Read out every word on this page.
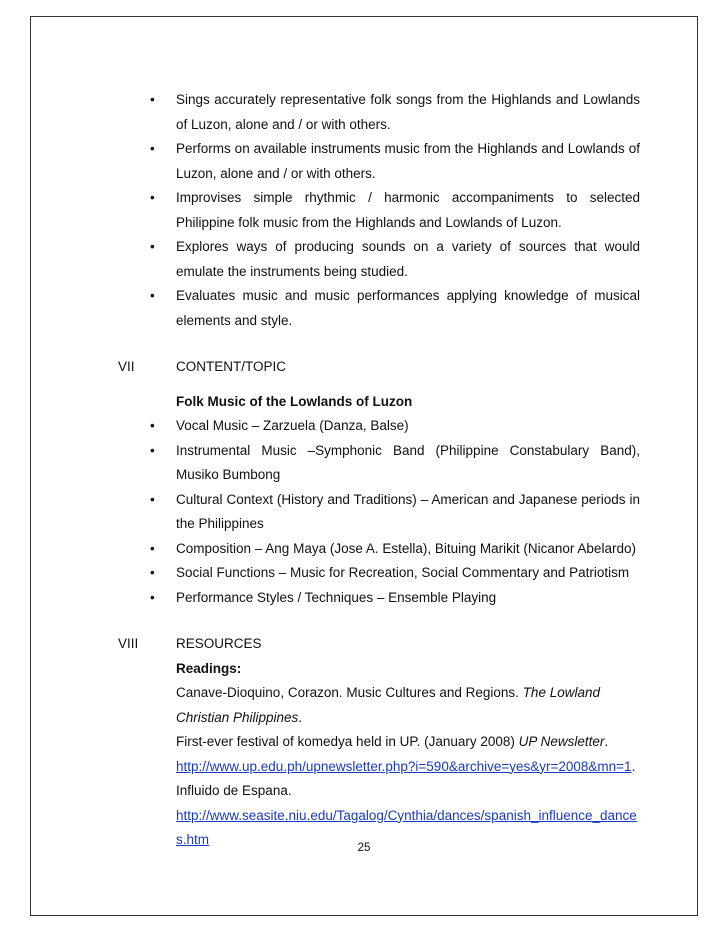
• Sings accurately representative folk songs from the Highlands and Lowlands of Luzon, alone and / or with others.
• Performs on available instruments music from the Highlands and Lowlands of Luzon, alone and / or with others.
• Improvises simple rhythmic / harmonic accompaniments to selected Philippine folk music from the Highlands and Lowlands of Luzon.
• Explores ways of producing sounds on a variety of sources that would emulate the instruments being studied.
• Evaluates music and music performances applying knowledge of musical elements and style.
VII	CONTENT/TOPIC
Folk Music of the Lowlands of Luzon
• Vocal Music – Zarzuela (Danza, Balse)
• Instrumental Music –Symphonic Band (Philippine Constabulary Band), Musiko Bumbong
• Cultural Context (History and Traditions) – American and Japanese periods in the Philippines
• Composition – Ang Maya (Jose A. Estella), Bituing Marikit (Nicanor Abelardo)
• Social Functions – Music for Recreation, Social Commentary and Patriotism
• Performance Styles / Techniques – Ensemble Playing
VIII	RESOURCES
Readings:
Canave-Dioquino, Corazon. Music Cultures and Regions. The Lowland Christian Philippines.
First-ever festival of komedya held in UP. (January 2008) UP Newsletter.
http://www.up.edu.ph/upnewsletter.php?i=590&archive=yes&yr=2008&mn=1.
Influido de Espana.
http://www.seasite.niu.edu/Tagalog/Cynthia/dances/spanish_influence_dances.htm
25
